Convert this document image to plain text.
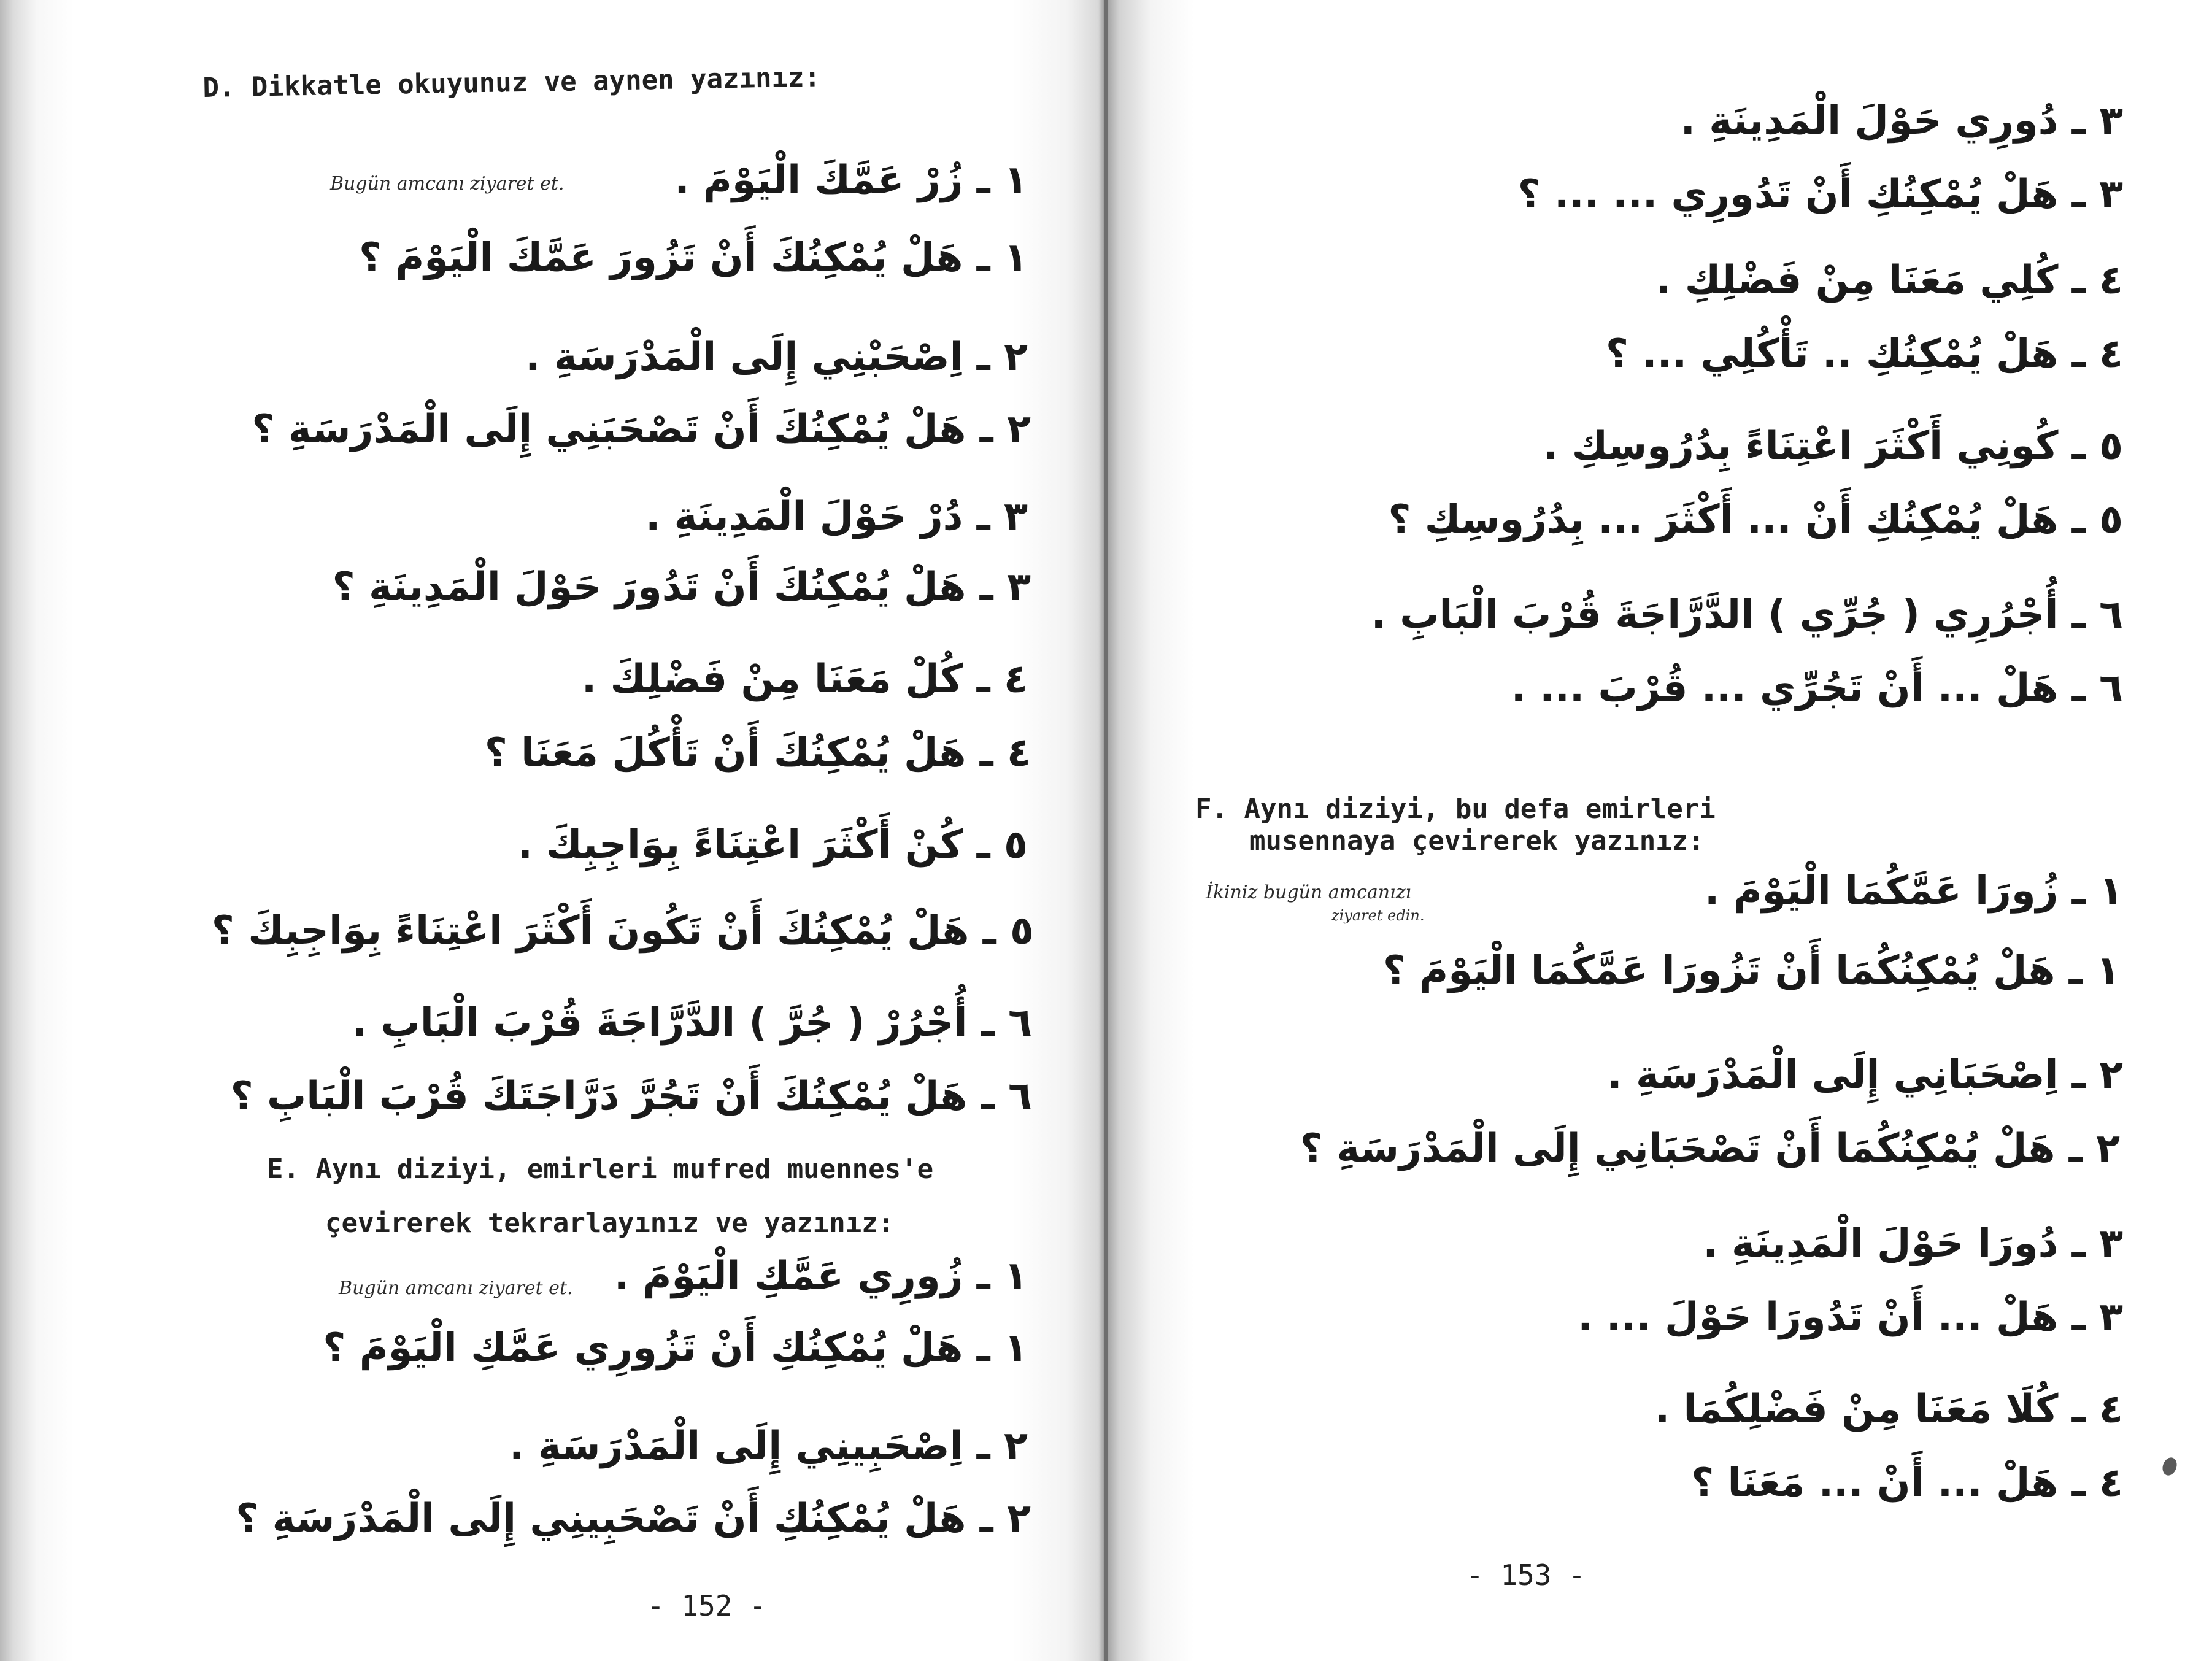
D. Dikkatle okuyunuz ve aynen yazınız:
Bugün amcanı ziyaret et.	١ ـ زُرْ عَمَّكَ الْيَوْمَ .
١ ـ هَلْ يُمْكِنُكَ أَنْ تَزُورَ عَمَّكَ الْيَوْمَ ؟
٢ ـ اِصْحَبْنِي إِلَى الْمَدْرَسَةِ .
٢ ـ هَلْ يُمْكِنُكَ أَنْ تَصْحَبَنِي إِلَى الْمَدْرَسَةِ ؟
٣ ـ دُرْ حَوْلَ الْمَدِينَةِ .
٣ ـ هَلْ يُمْكِنُكَ أَنْ تَدُورَ حَوْلَ الْمَدِينَةِ ؟
٤ ـ كُلْ مَعَنَا مِنْ فَضْلِكَ .
٤ ـ هَلْ يُمْكِنُكَ أَنْ تَأْكُلَ مَعَنَا ؟
٥ ـ كُنْ أَكْثَرَ اعْتِنَاءً بِوَاجِبِكَ .
٥ ـ هَلْ يُمْكِنُكَ أَنْ تَكُونَ أَكْثَرَ اعْتِنَاءً بِوَاجِبِكَ ؟
٦ ـ أُجْرُرْ ( جُرَّ ) الدَّرَّاجَةَ قُرْبَ الْبَابِ .
٦ ـ هَلْ يُمْكِنُكَ أَنْ تَجُرَّ دَرَّاجَتَكَ قُرْبَ الْبَابِ ؟
E. Aynı diziyi, emirleri mufred muennes'e
çevirerek tekrarlayınız ve yazınız:
Bugün amcanı ziyaret et. ١ ـ زُورِي عَمَّكِ الْيَوْمَ .
١ ـ هَلْ يُمْكِنُكِ أَنْ تَزُورِي عَمَّكِ الْيَوْمَ ؟
٢ ـ اِصْحَبِينِي إِلَى الْمَدْرَسَةِ .
٢ ـ هَلْ يُمْكِنُكِ أَنْ تَصْحَبِينِي إِلَى الْمَدْرَسَةِ ؟
- 152 -
٣ ـ دُورِي حَوْلَ الْمَدِينَةِ .
٣ ـ هَلْ يُمْكِنُكِ أَنْ تَدُورِي ... ... ؟
٤ ـ كُلِي مَعَنَا مِنْ فَضْلِكِ .
٤ ـ هَلْ يُمْكِنُكِ .. تَأْكُلِي ... ؟
٥ ـ كُونِي أَكْثَرَ اعْتِنَاءً بِدُرُوسِكِ .
٥ ـ هَلْ يُمْكِنُكِ أَنْ ... أَكْثَرَ ... بِدُرُوسِكِ ؟
٦ ـ أُجْرُرِي ( جُرِّي ) الدَّرَّاجَةَ قُرْبَ الْبَابِ .
٦ ـ هَلْ ... أَنْ تَجُرِّي ... قُرْبَ ... .
F. Aynı diziyi, bu defa emirleri
musennaya çevirerek yazınız:
İkiniz bugün amcanızı
ziyaret edin.
١ ـ زُورَا عَمَّكُمَا الْيَوْمَ .
١ ـ هَلْ يُمْكِنُكُمَا أَنْ تَزُورَا عَمَّكُمَا الْيَوْمَ ؟
٢ ـ اِصْحَبَانِي إِلَى الْمَدْرَسَةِ .
٢ ـ هَلْ يُمْكِنُكُمَا أَنْ تَصْحَبَانِي إِلَى الْمَدْرَسَةِ ؟
٣ ـ دُورَا حَوْلَ الْمَدِينَةِ .
٣ ـ هَلْ ... أَنْ تَدُورَا حَوْلَ ... .
٤ ـ كُلَا مَعَنَا مِنْ فَضْلِكُمَا .
٤ ـ هَلْ ... أَنْ ... مَعَنَا ؟
- 153 -
